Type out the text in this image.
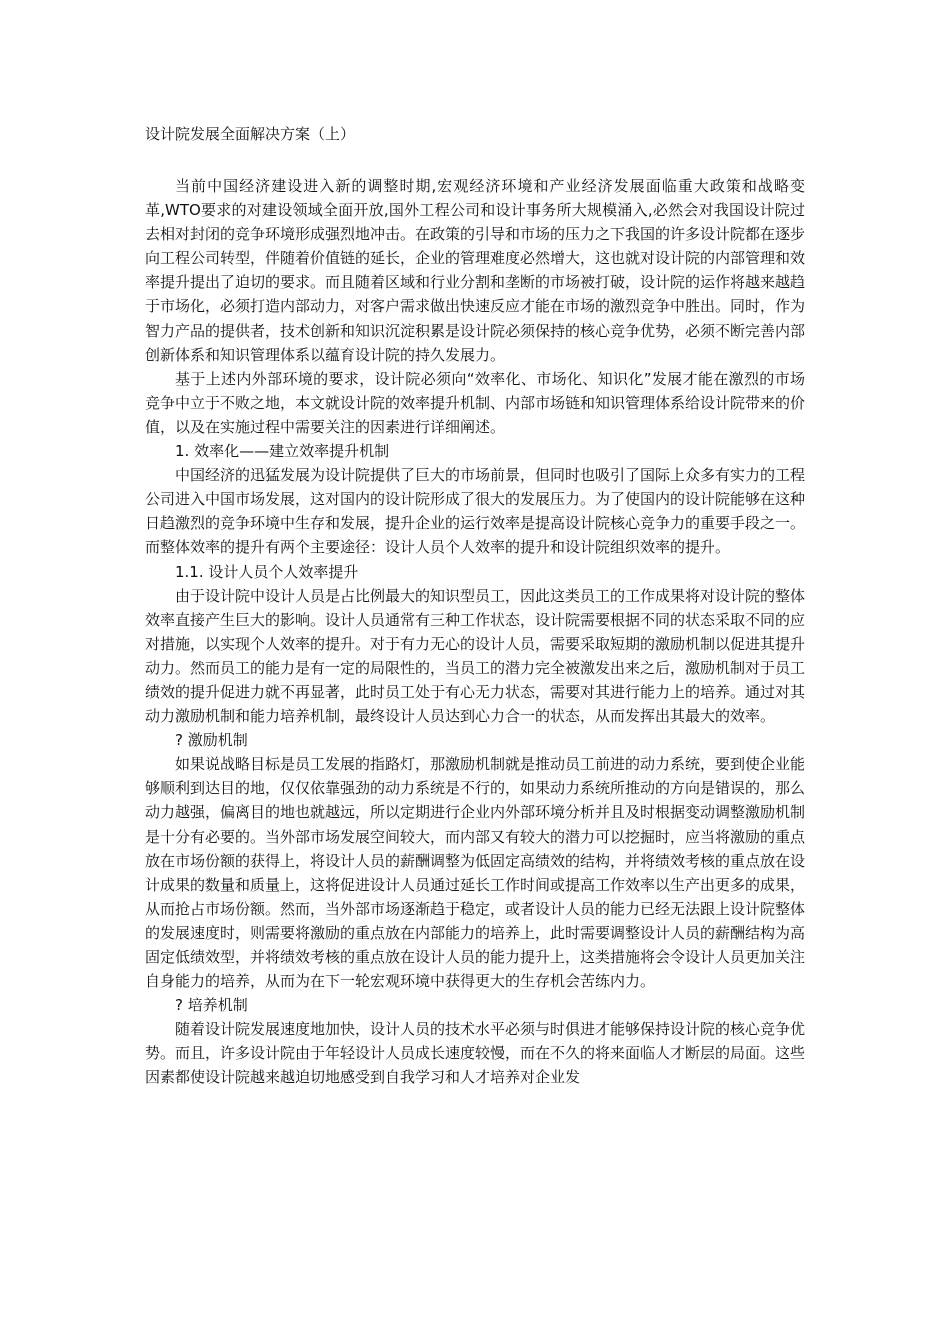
设计院发展全面解决方案（上）

当前中国经济建设进入新的调整时期,宏观经济环境和产业经济发展面临重大政策和战略变革,WTO要求的对建设领域全面开放,国外工程公司和设计事务所大规模涌入,必然会对我国设计院过去相对封闭的竞争环境形成强烈地冲击。在政策的引导和市场的压力之下我国的许多设计院都在逐步向工程公司转型，伴随着价值链的延长，企业的管理难度必然增大，这也就对设计院的内部管理和效率提升提出了迫切的要求。而且随着区域和行业分割和垄断的市场被打破，设计院的运作将越来越趋于市场化，必须打造内部动力，对客户需求做出快速反应才能在市场的激烈竞争中胜出。同时，作为智力产品的提供者，技术创新和知识沉淀积累是设计院必须保持的核心竞争优势，必须不断完善内部创新体系和知识管理体系以蕴育设计院的持久发展力。

基于上述内外部环境的要求，设计院必须向“效率化、市场化、知识化”发展才能在激烈的市场竞争中立于不败之地，本文就设计院的效率提升机制、内部市场链和知识管理体系给设计院带来的价值，以及在实施过程中需要关注的因素进行详细阐述。

1. 效率化——建立效率提升机制

中国经济的迅猛发展为设计院提供了巨大的市场前景，但同时也吸引了国际上众多有实力的工程公司进入中国市场发展，这对国内的设计院形成了很大的发展压力。为了使国内的设计院能够在这种日趋激烈的竞争环境中生存和发展，提升企业的运行效率是提高设计院核心竞争力的重要手段之一。而整体效率的提升有两个主要途径：设计人员个人效率的提升和设计院组织效率的提升。

1.1. 设计人员个人效率提升

由于设计院中设计人员是占比例最大的知识型员工，因此这类员工的工作成果将对设计院的整体效率直接产生巨大的影响。设计人员通常有三种工作状态，设计院需要根据不同的状态采取不同的应对措施，以实现个人效率的提升。对于有力无心的设计人员，需要采取短期的激励机制以促进其提升动力。然而员工的能力是有一定的局限性的，当员工的潜力完全被激发出来之后，激励机制对于员工绩效的提升促进力就不再显著，此时员工处于有心无力状态，需要对其进行能力上的培养。通过对其动力激励机制和能力培养机制，最终设计人员达到心力合一的状态，从而发挥出其最大的效率。

? 激励机制

如果说战略目标是员工发展的指路灯，那激励机制就是推动员工前进的动力系统，要到使企业能够顺利到达目的地，仅仅依靠强劲的动力系统是不行的，如果动力系统所推动的方向是错误的，那么动力越强，偏离目的地也就越远，所以定期进行企业内外部环境分析并且及时根据变动调整激励机制是十分有必要的。当外部市场发展空间较大，而内部又有较大的潜力可以挖掘时，应当将激励的重点放在市场份额的获得上，将设计人员的薪酬调整为低固定高绩效的结构，并将绩效考核的重点放在设计成果的数量和质量上，这将促进设计人员通过延长工作时间或提高工作效率以生产出更多的成果，从而抢占市场份额。然而，当外部市场逐渐趋于稳定，或者设计人员的能力已经无法跟上设计院整体的发展速度时，则需要将激励的重点放在内部能力的培养上，此时需要调整设计人员的薪酬结构为高固定低绩效型，并将绩效考核的重点放在设计人员的能力提升上，这类措施将会令设计人员更加关注自身能力的培养，从而为在下一轮宏观环境中获得更大的生存机会苦练内力。

? 培养机制

随着设计院发展速度地加快，设计人员的技术水平必须与时俱进才能够保持设计院的核心竞争优势。而且，许多设计院由于年轻设计人员成长速度较慢，而在不久的将来面临人才断层的局面。这些因素都使设计院越来越迫切地感受到自我学习和人才培养对企业发
